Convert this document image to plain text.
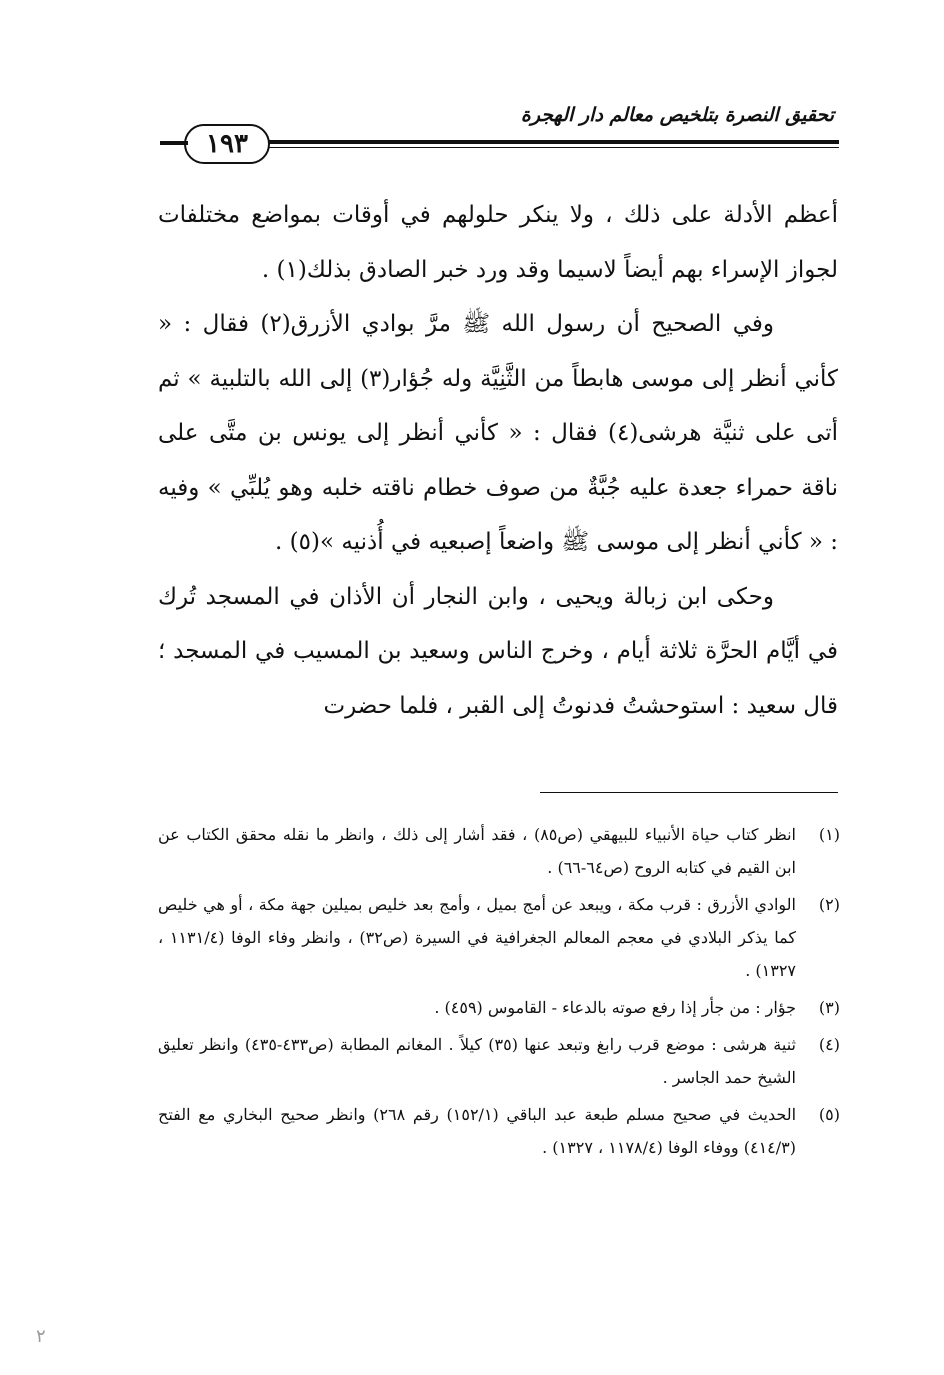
تحقيق النصرة بتلخيص معالم دار الهجرة
١٩٣

أعظم الأدلة على ذلك ، ولا ينكر حلولهم في أوقات بمواضع مختلفات لجواز الإسراء بهم أيضاً لاسيما وقد ورد خبر الصادق بذلك(١) .

وفي الصحيح أن رسول الله ﷺ مرَّ بوادي الأزرق(٢) فقال : « كأني أنظر إلى موسى هابطاً من الثَّنِيَّة وله جُؤار(٣) إلى الله بالتلبية » ثم أتى على ثنيَّة هرشى(٤) فقال : « كأني أنظر إلى يونس بن متَّى على ناقة حمراء جعدة عليه جُبَّةٌ من صوف خطام ناقته خلبه وهو يُلبِّي » وفيه : « كأني أنظر إلى موسى ﷺ واضعاً إصبعيه في أُذنيه »(٥) .

وحكى ابن زبالة ويحيى ، وابن النجار أن الأذان في المسجد تُرك في أيَّام الحرَّة ثلاثة أيام ، وخرج الناس وسعيد بن المسيب في المسجد ؛ قال سعيد : استوحشتُ فدنوتُ إلى القبر ، فلما حضرت

(١)
انظر كتاب حياة الأنبياء للبيهقي (ص٨٥) ، فقد أشار إلى ذلك ، وانظر ما نقله محقق الكتاب عن ابن القيم في كتابه الروح (ص٦٤-٦٦) .
(٢)
الوادي الأزرق : قرب مكة ، ويبعد عن أمج بميل ، وأمج بعد خليص بميلين جهة مكة ، أو هي خليص كما يذكر البلادي في معجم المعالم الجغرافية في السيرة (ص٣٢) ، وانظر وفاء الوفا (١١٣١/٤ ، ١٣٢٧) .
(٣)
جؤار : من جأر إذا رفع صوته بالدعاء - القاموس (٤٥٩) .
(٤)
ثنية هرشى : موضع قرب رابغ وتبعد عنها (٣٥) كيلاً . المغانم المطابة (ص٤٣٣-٤٣٥) وانظر تعليق الشيخ حمد الجاسر .
(٥)
الحديث في صحيح مسلم طبعة عبد الباقي (١٥٢/١) رقم ٢٦٨) وانظر صحيح البخاري مع الفتح (٤١٤/٣) ووفاء الوفا (١١٧٨/٤ ، ١٣٢٧) .
٢
